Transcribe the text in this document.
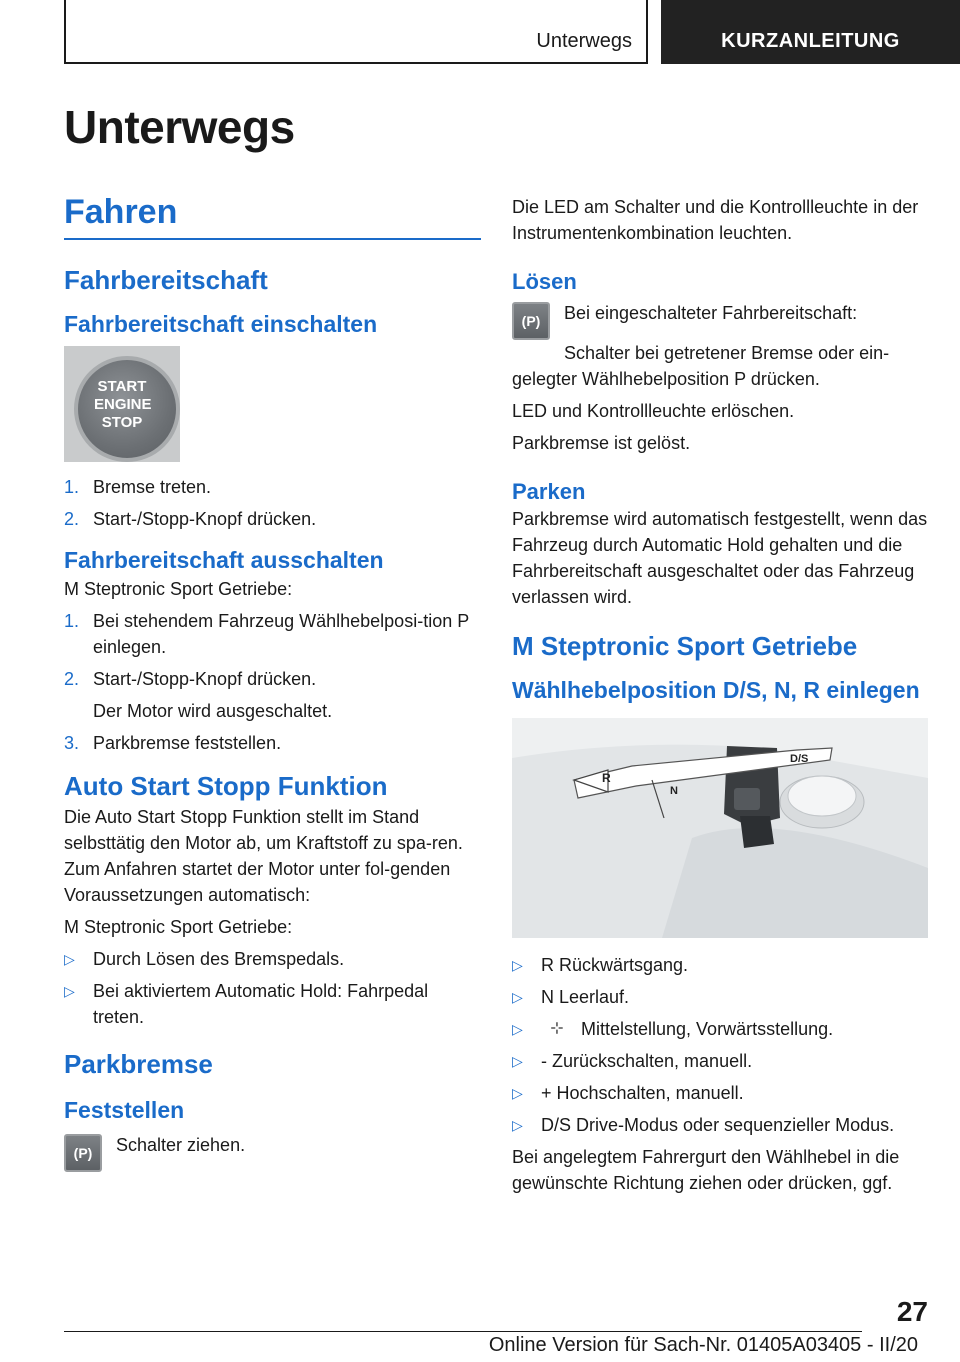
Unterwegs	KURZANLEITUNG
Unterwegs
Fahren
Fahrbereitschaft
Fahrbereitschaft einschalten
START
ENGINE
STOP
1. Bremse treten.
2. Start-/Stopp-Knopf drücken.
Fahrbereitschaft ausschalten

M Steptronic Sport Getriebe:

1. Bei stehendem Fahrzeug Wählhebelposi-tion P einlegen.
2. Start-/Stopp-Knopf drücken.
Der Motor wird ausgeschaltet.
3. Parkbremse feststellen.
Auto Start Stopp Funktion

Die Auto Start Stopp Funktion stellt im Stand selbsttätig den Motor ab, um Kraftstoff zu spa-ren. Zum Anfahren startet der Motor unter fol-genden Voraussetzungen automatisch:

M Steptronic Sport Getriebe:

▷	Durch Lösen des Bremspedals.
▷	Bei aktiviertem Automatic Hold: Fahrpedal treten.
Parkbremse
Feststellen
(P)	Schalter ziehen.

Die LED am Schalter und die Kontrollleuchte in der Instrumentenkombination leuchten.

Lösen
(P)	Bei eingeschalteter Fahrbereitschaft:

Schalter bei getretener Bremse oder ein-gelegter Wählhebelposition P drücken.

LED und Kontrollleuchte erlöschen.

Parkbremse ist gelöst.

Parken

Parkbremse wird automatisch festgestellt, wenn das Fahrzeug durch Automatic Hold gehalten und die Fahrbereitschaft ausgeschaltet oder das Fahrzeug verlassen wird.

M Steptronic Sport Getriebe
Wählhebelposition D/S, N, R einlegen
R
N
D/S
▷	R Rückwärtsgang.
▷	N Leerlauf.
▷	⊹ Mittelstellung, Vorwärtsstellung.
▷	- Zurückschalten, manuell.
▷	+ Hochschalten, manuell.
▷	D/S Drive-Modus oder sequenzieller Modus.

Bei angelegtem Fahrergurt den Wählhebel in die gewünschte Richtung ziehen oder drücken, ggf.

27
Online Version für Sach-Nr. 01405A03405 - II/20
